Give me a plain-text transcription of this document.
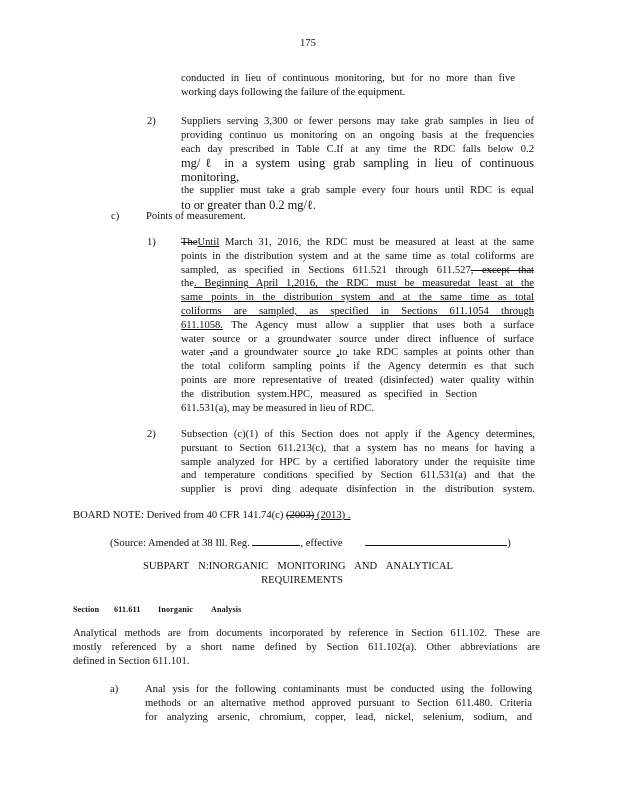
175
conducted in lieu of continuous monitoring, but for no more than five
working days following the failure of the equipment.
2) Suppliers serving 3,300 or fewer persons may take grab samples in lieu of
providing continuo us monitoring on an ongoing basis at the frequencies
each day prescribed in Table C.If at any time the RDC falls below 0.2
mg/ℓ in a system using grab sampling in lieu of continuous monitoring,
the supplier must take a grab sample every four hours until RDC is equal
to or greater than 0.2 mg/ℓ.
c)	Points of measurement.
1) TheUntil March 31, 2016, the RDC must be measured at least at the same
points in the distribution system and at the same time as total coliforms are
sampled, as specified in Sections 611.521 through 611.527, except that
the. Beginning April 1,2016, the RDC must be measuredat least at the
same points in the distribution system and at the same time as total
coliforms are sampled, as specified in Sections 611.1054 through
611.1058. The Agency must allow a supplier that uses both a surface
water source or a groundwater source under direct influence of surface
water ,and a groundwater source ,to take RDC samples at points other than
the total coliform sampling points if the Agency determin es that such
points are more representative of treated (disinfected) water quality within
the distribution system.HPC, measured as specified in Section
611.531(a), may be measured in lieu of RDC.
2) Subsection (c)(1) of this Section does not apply if the Agency determines,
pursuant to Section 611.213(c), that a system has no means for having a
sample analyzed for HPC by a certified laboratory under the requisite time
and temperature conditions specified by Section 611.531(a) and that the
supplier is provi ding adequate disinfection in the distribution system.
BOARD NOTE: Derived from 40 CFR 141.74(c) (2003) (2013) .
(Source: Amended at 38 Ill. Reg.	, effective	)
SUBPART N:INORGANIC MONITORING AND ANALYTICAL
REQUIREMENTS
Section 611.611 Inorganic Analysis
Analytical methods are from documents incorporated by reference in Section 611.102. These are
mostly referenced by a short name defined by Section 611.102(a). Other abbreviations are
defined in Section 611.101.
a)	Anal ysis for the following contaminants must be conducted using the following
methods or an alternative method approved pursuant to Section 611.480. Criteria
for analyzing arsenic, chromium, copper, lead, nickel, selenium, sodium, and
